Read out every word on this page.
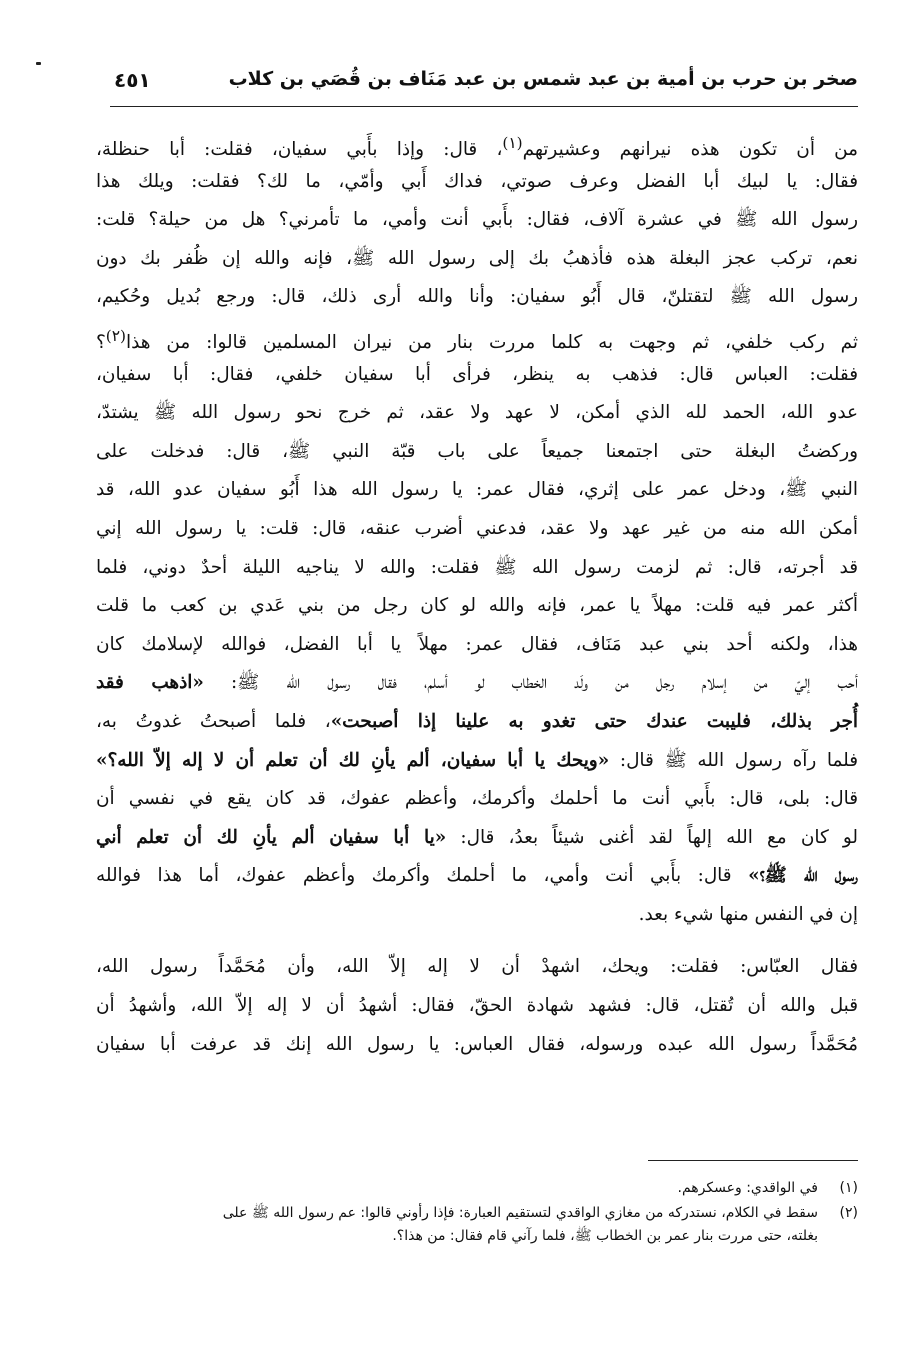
صخر بن حرب بن أمية بن عبد شمس بن عبد مَنَاف بن قُصَي بن كلاب
٤٥١
من أن تكون هذه نيرانهم وعشيرتهم$^{(١)}$، قال: وإذا بأَبي سفيان، فقلت: أبا حنظلة،
فقال: يا لبيك أبا الفضل وعرف صوتي، فداك أَبي وأمّي، ما لك؟ فقلت: ويلك هذا
رسول الله ﷺ في عشرة آلاف، فقال: بأَبي أنت وأمي، ما تأمرني؟ هل من حيلة؟ قلت:
نعم، تركب عجز البغلة هذه فأذهبُ بك إلى رسول الله ﷺ، فإنه والله إن ظُفر بك دون
رسول الله ﷺ لتقتلنّ، قال أَبُو سفيان: وأنا والله أرى ذلك، قال: ورجع بُديل وحُكيم،
ثم ركب خلفي، ثم وجهت به كلما مررت بنار من نيران المسلمين قالوا: من هذا$^{(٢)}$؟
فقلت: العباس قال: فذهب به ينظر، فرأى أبا سفيان خلفي، فقال: أبا سفيان،
عدو الله، الحمد لله الذي أمكن، لا عهد ولا عقد، ثم خرج نحو رسول الله ﷺ يشتدّ،
وركضتُ البغلة حتى اجتمعنا جميعاً على باب قبّة النبي ﷺ، قال: فدخلت على
النبي ﷺ، ودخل عمر على إثري، فقال عمر: يا رسول الله هذا أَبُو سفيان عدو الله، قد
أمكن الله منه من غير عهد ولا عقد، فدعني أضرب عنقه، قال: قلت: يا رسول الله إني
قد أجرته، قال: ثم لزمت رسول الله ﷺ فقلت: والله لا يناجيه الليلة أحدٌ دوني، فلما
أكثر عمر فيه قلت: مهلاً يا عمر، فإنه والله لو كان رجل من بني عَدي بن كعب ما قلت
هذا، ولكنه أحد بني عبد مَنَاف، فقال عمر: مهلاً يا أبا الفضل، فوالله لإسلامك كان
أحب إليّ من إسلام رجل من ولَد الخطاب لو أسلم، فقال رسول الله ﷺ: «اذهب فقد
أُجر بذلك، فليبت عندك حتى تغدو به علينا إذا أصبحت»، فلما أصبحتُ غدوتُ به،
فلما رآه رسول الله ﷺ قال: «ويحك يا أبا سفيان، ألم يأنِ لك أن تعلم أن لا إله إلاّ الله؟»
قال: بلى، قال: بأَبي أنت ما أحلمك وأكرمك، وأعظم عفوك، قد كان يقع في نفسي أن
لو كان مع الله إلهاً لقد أغنى شيئاً بعدُ، قال: «يا أبا سفيان ألم يأنِ لك أن تعلم أني
رسول الله ﷺ؟» قال: بأَبي أنت وأمي، ما أحلمك وأكرمك وأعظم عفوك، أما هذا فوالله
إن في النفس منها شيء بعد.
فقال العبّاس: فقلت: ويحك، اشهدْ أن لا إله إلاّ الله، وأن مُحَمَّداً رسول الله،
قبل والله أن تُقتل، قال: فشهد شهادة الحقّ، فقال: أشهدُ أن لا إله إلاّ الله، وأشهدُ أن
مُحَمَّداً رسول الله عبده ورسوله، فقال العباس: يا رسول الله إنك قد عرفت أبا سفيان
(١)
في الواقدي: وعسكرهم.
(٢)
سقط في الكلام، نستدركه من مغازي الواقدي لتستقيم العبارة: فإذا رأوني قالوا: عم رسول الله ﷺ على
بغلته، حتى مررت بنار عمر بن الخطاب ﷺ، فلما رآني قام فقال: من هذا؟.
